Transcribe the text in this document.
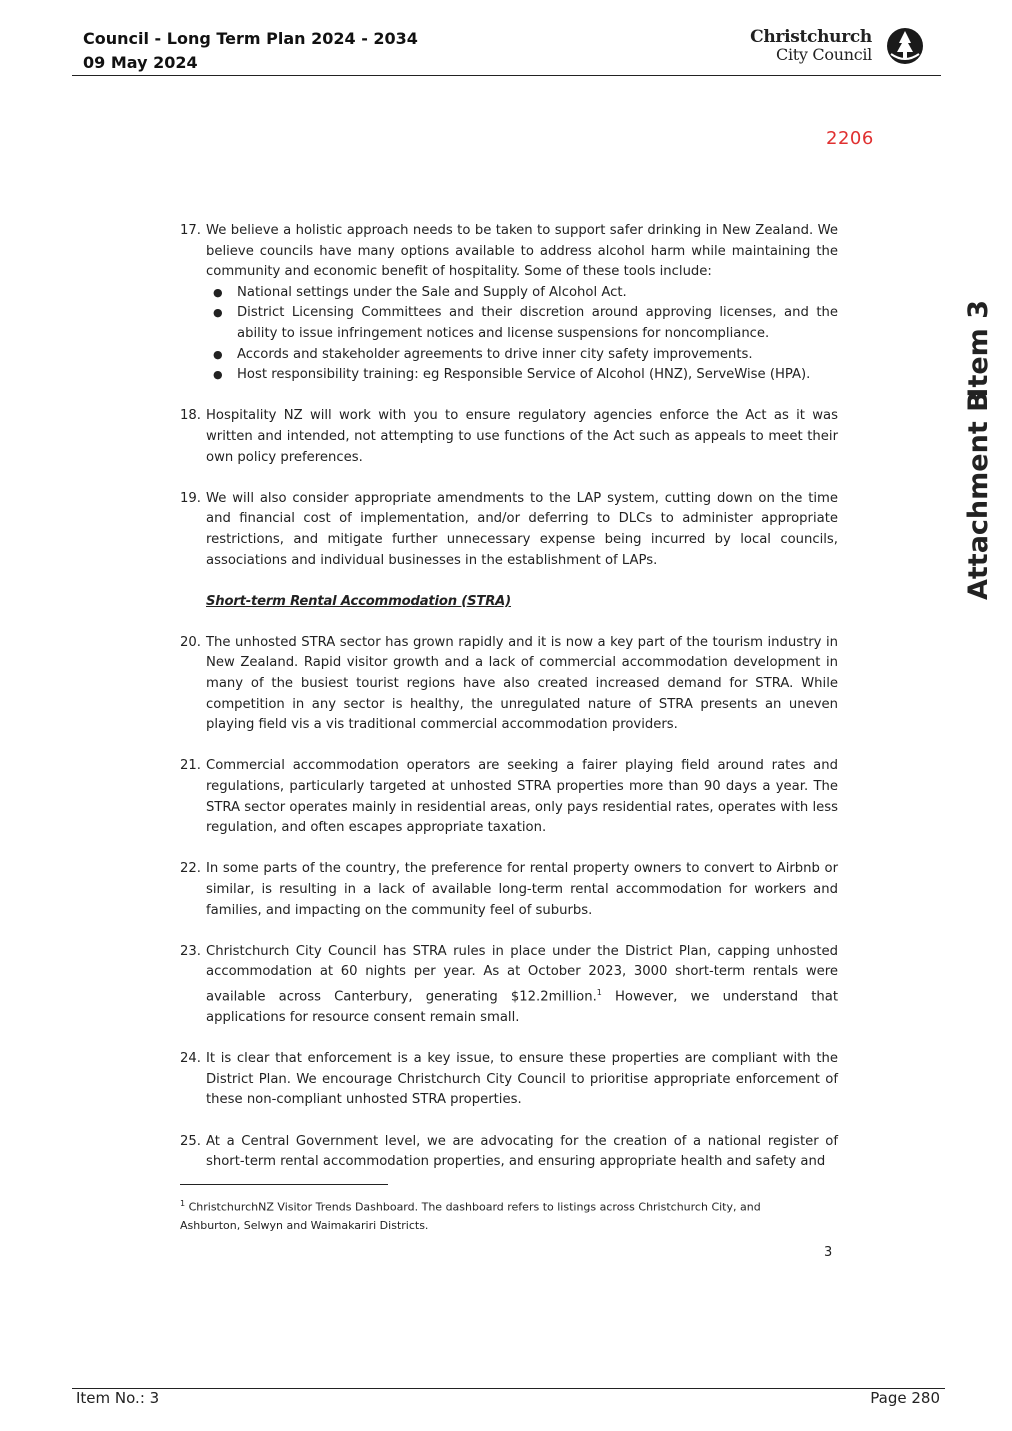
Council - Long Term Plan 2024 - 2034
09 May 2024
Christchurch
City Council
2206
Item 3
Attachment B
17. We believe a holistic approach needs to be taken to support safer drinking in New Zealand. We believe councils have many options available to address alcohol harm while maintaining the community and economic benefit of hospitality. Some of these tools include:
●	National settings under the Sale and Supply of Alcohol Act.
●	District Licensing Committees and their discretion around approving licenses, and the ability to issue infringement notices and license suspensions for noncompliance.
●	Accords and stakeholder agreements to drive inner city safety improvements.
●	Host responsibility training: eg Responsible Service of Alcohol (HNZ), ServeWise (HPA).
18. Hospitality NZ will work with you to ensure regulatory agencies enforce the Act as it was written and intended, not attempting to use functions of the Act such as appeals to meet their own policy preferences.
19. We will also consider appropriate amendments to the LAP system, cutting down on the time and financial cost of implementation, and/or deferring to DLCs to administer appropriate restrictions, and mitigate further unnecessary expense being incurred by local councils, associations and individual businesses in the establishment of LAPs.
Short-term Rental Accommodation (STRA)
20. The unhosted STRA sector has grown rapidly and it is now a key part of the tourism industry in New Zealand. Rapid visitor growth and a lack of commercial accommodation development in many of the busiest tourist regions have also created increased demand for STRA. While competition in any sector is healthy, the unregulated nature of STRA presents an uneven playing field vis a vis traditional commercial accommodation providers.
21. Commercial accommodation operators are seeking a fairer playing field around rates and regulations, particularly targeted at unhosted STRA properties more than 90 days a year. The STRA sector operates mainly in residential areas, only pays residential rates, operates with less regulation, and often escapes appropriate taxation.
22. In some parts of the country, the preference for rental property owners to convert to Airbnb or similar, is resulting in a lack of available long-term rental accommodation for workers and families, and impacting on the community feel of suburbs.
23. Christchurch City Council has STRA rules in place under the District Plan, capping unhosted accommodation at 60 nights per year. As at October 2023, 3000 short-term rentals were available across Canterbury, generating $12.2million.$^1$ However, we understand that applications for resource consent remain small.
24. It is clear that enforcement is a key issue, to ensure these properties are compliant with the District Plan. We encourage Christchurch City Council to prioritise appropriate enforcement of these non-compliant unhosted STRA properties.
25. At a Central Government level, we are advocating for the creation of a national register of short-term rental accommodation properties, and ensuring appropriate health and safety and
$^1$ ChristchurchNZ Visitor Trends Dashboard. The dashboard refers to listings across Christchurch City, and Ashburton, Selwyn and Waimakariri Districts.
3
Item No.: 3	Page 280
